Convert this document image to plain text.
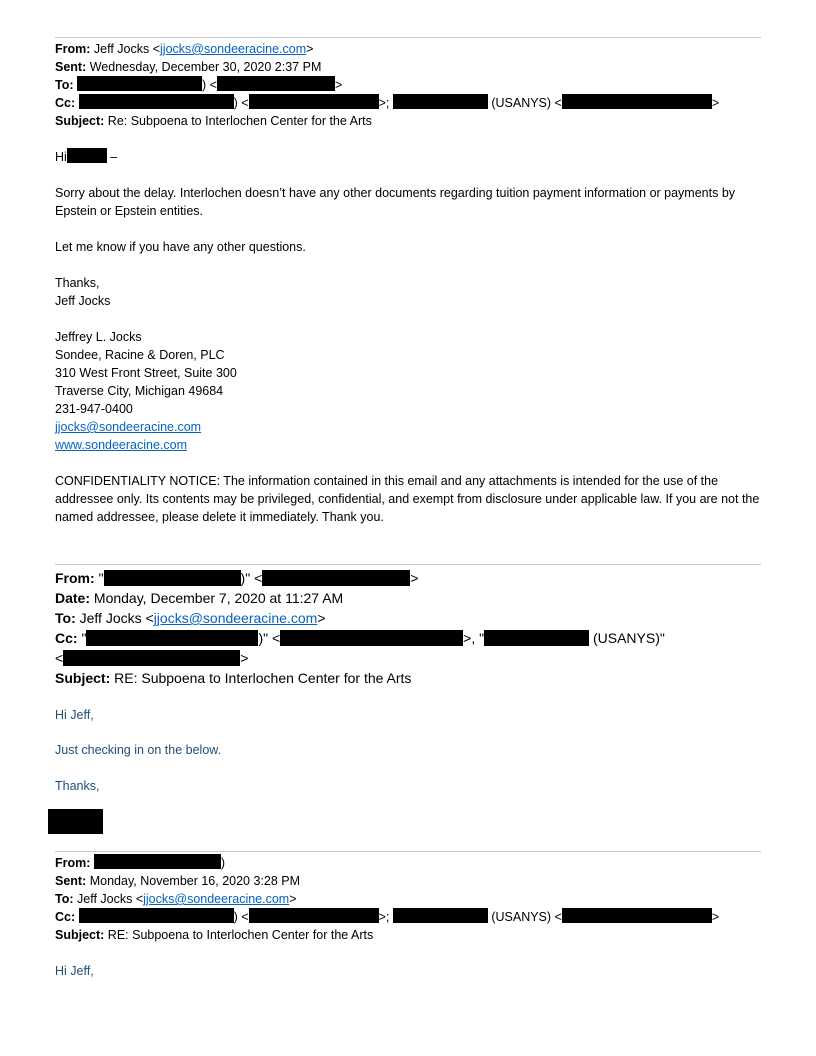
From: Jeff Jocks <jjocks@sondeeracine.com>
Sent: Wednesday, December 30, 2020 2:37 PM
To:	) <	>
Cc:	) <	>;	(USANYS) <	>
Subject: Re: Subpoena to Interlochen Center for the Arts
Hi	–
Sorry about the delay. Interlochen doesn’t have any other documents regarding tuition payment information or payments by Epstein or Epstein entities.
Let me know if you have any other questions.
Thanks,
Jeff Jocks
Jeffrey L. Jocks
Sondee, Racine & Doren, PLC
310 West Front Street, Suite 300
Traverse City, Michigan 49684
231-947-0400
jjocks@sondeeracine.com
www.sondeeracine.com
CONFIDENTIALITY NOTICE: The information contained in this email and any attachments is intended for the use of the addressee only. Its contents may be privileged, confidential, and exempt from disclosure under applicable law. If you are not the named addressee, please delete it immediately. Thank you.
From: "	)" <	>
Date: Monday, December 7, 2020 at 11:27 AM
To: Jeff Jocks <jjocks@sondeeracine.com>
Cc: "	)" <	>, "	(USANYS)"
<	>
Subject: RE: Subpoena to Interlochen Center for the Arts
Hi Jeff,
Just checking in on the below.
Thanks,
From:	)
Sent: Monday, November 16, 2020 3:28 PM
To: Jeff Jocks <jjocks@sondeeracine.com>
Cc:	) <	>;	(USANYS) <	>
Subject: RE: Subpoena to Interlochen Center for the Arts
Hi Jeff,
